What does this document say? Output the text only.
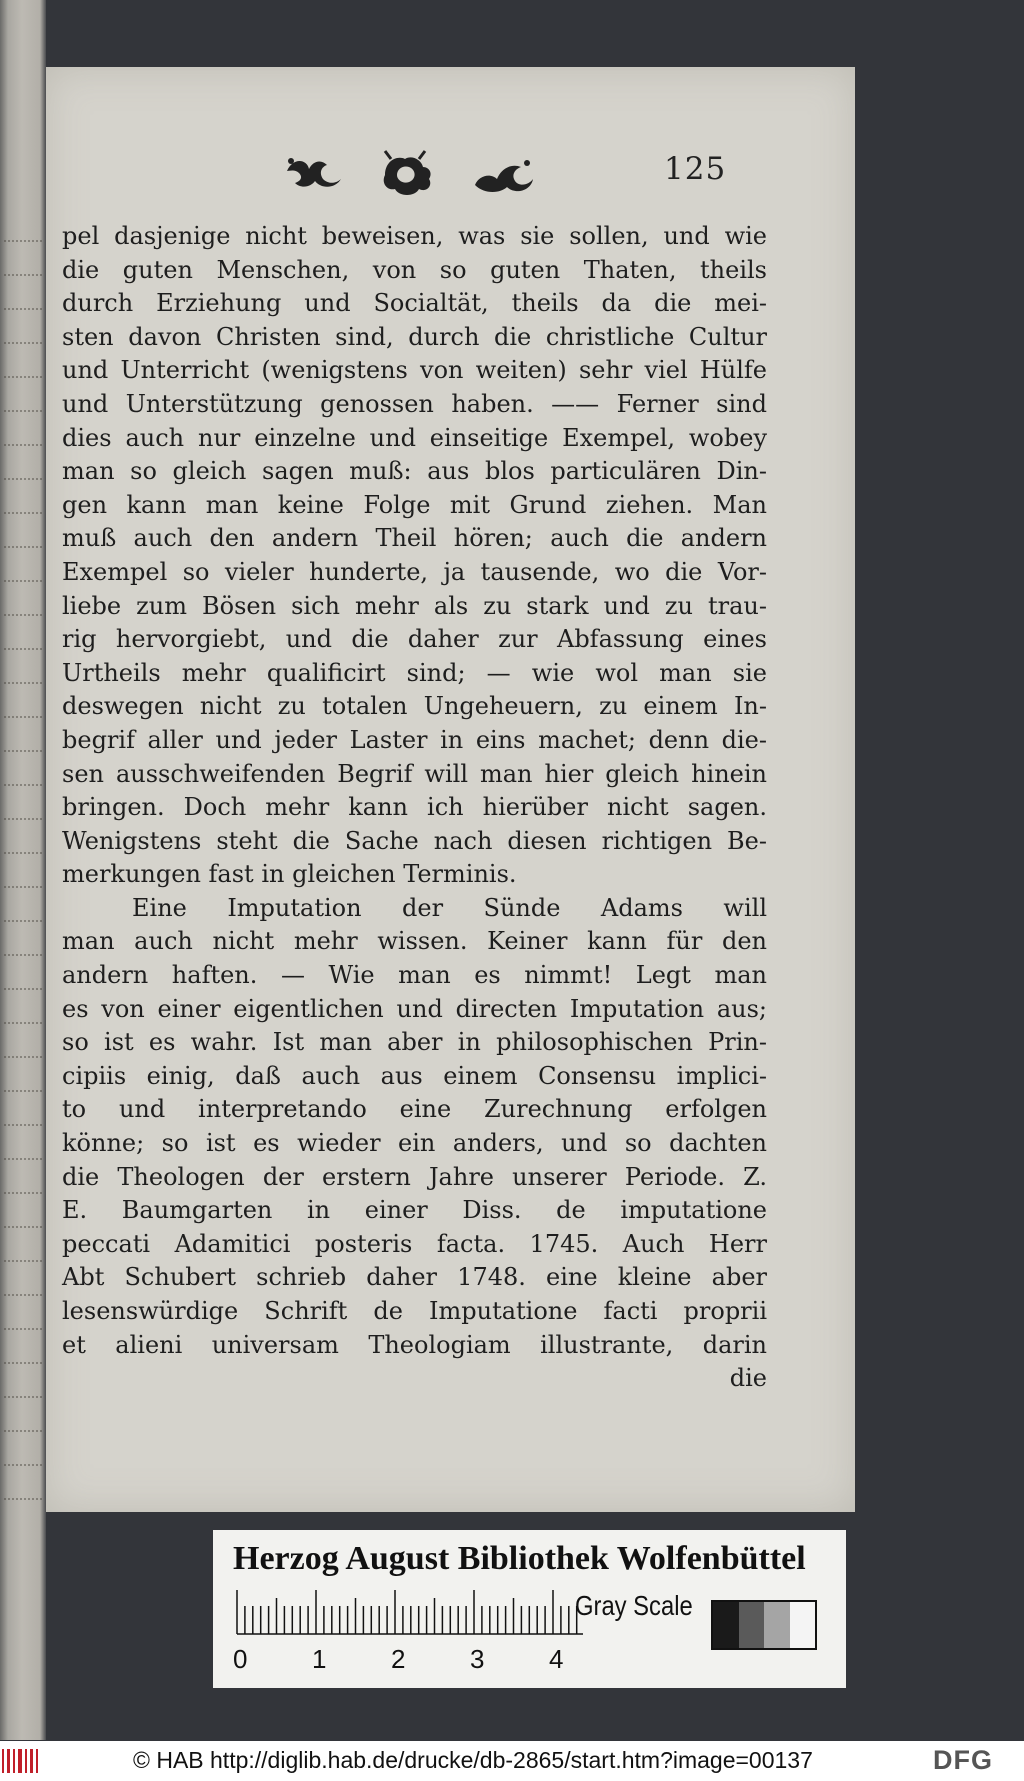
125
pel dasjenige nicht beweisen, was sie sollen, und wie
die guten Menschen, von so guten Thaten, theils
durch Erziehung und Socialtät, theils da die mei-
sten davon Christen sind, durch die christliche Cultur
und Unterricht (wenigstens von weiten) sehr viel Hülfe
und Unterstützung genossen haben. —— Ferner sind
dies auch nur einzelne und einseitige Exempel, wobey
man so gleich sagen muß: aus blos particulären Din-
gen kann man keine Folge mit Grund ziehen. Man
muß auch den andern Theil hören; auch die andern
Exempel so vieler hunderte, ja tausende, wo die Vor-
liebe zum Bösen sich mehr als zu stark und zu trau-
rig hervorgiebt, und die daher zur Abfassung eines
Urtheils mehr qualificirt sind; — wie wol man sie
deswegen nicht zu totalen Ungeheuern, zu einem In-
begrif aller und jeder Laster in eins machet; denn die-
sen ausschweifenden Begrif will man hier gleich hinein
bringen. Doch mehr kann ich hierüber nicht sagen.
Wenigstens steht die Sache nach diesen richtigen Be-
merkungen fast in gleichen Terminis.
Eine Imputation der Sünde Adams will
man auch nicht mehr wissen. Keiner kann für den
andern haften. — Wie man es nimmt! Legt man
es von einer eigentlichen und directen Imputation aus;
so ist es wahr. Ist man aber in philosophischen Prin-
cipiis einig, daß auch aus einem Consensu implici-
to und interpretando eine Zurechnung erfolgen
könne; so ist es wieder ein anders, und so dachten
die Theologen der erstern Jahre unserer Periode. Z.
E. Baumgarten in einer Diss. de imputatione
peccati Adamitici posteris facta. 1745. Auch Herr
Abt Schubert schrieb daher 1748. eine kleine aber
lesenswürdige Schrift de Imputatione facti proprii
et alieni universam Theologiam illustrante, darin
die
Herzog August Bibliothek Wolfenbüttel
0 1 2 3 4
Gray Scale
© HAB http://diglib.hab.de/drucke/db-2865/start.htm?image=00137	DFG
